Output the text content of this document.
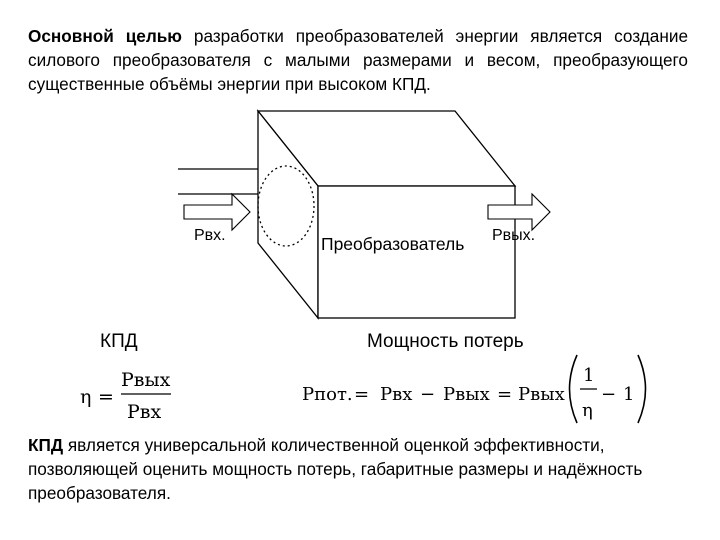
Основной целью разработки преобразователей энергии является создание силового преобразователя с малыми размерами и весом, преобразующего существенные объёмы энергии при высоком КПД.

Pвх.	Преобразователь Pвых.
КПД
η =
Pвых
Pвх
Мощность потерь
Pпот. = Pвх − Pвых = Pвых
1
η
− 1

КПД является универсальной количественной оценкой эффективности, позволяющей оценить мощность потерь, габаритные размеры и надёжность преобразователя.
